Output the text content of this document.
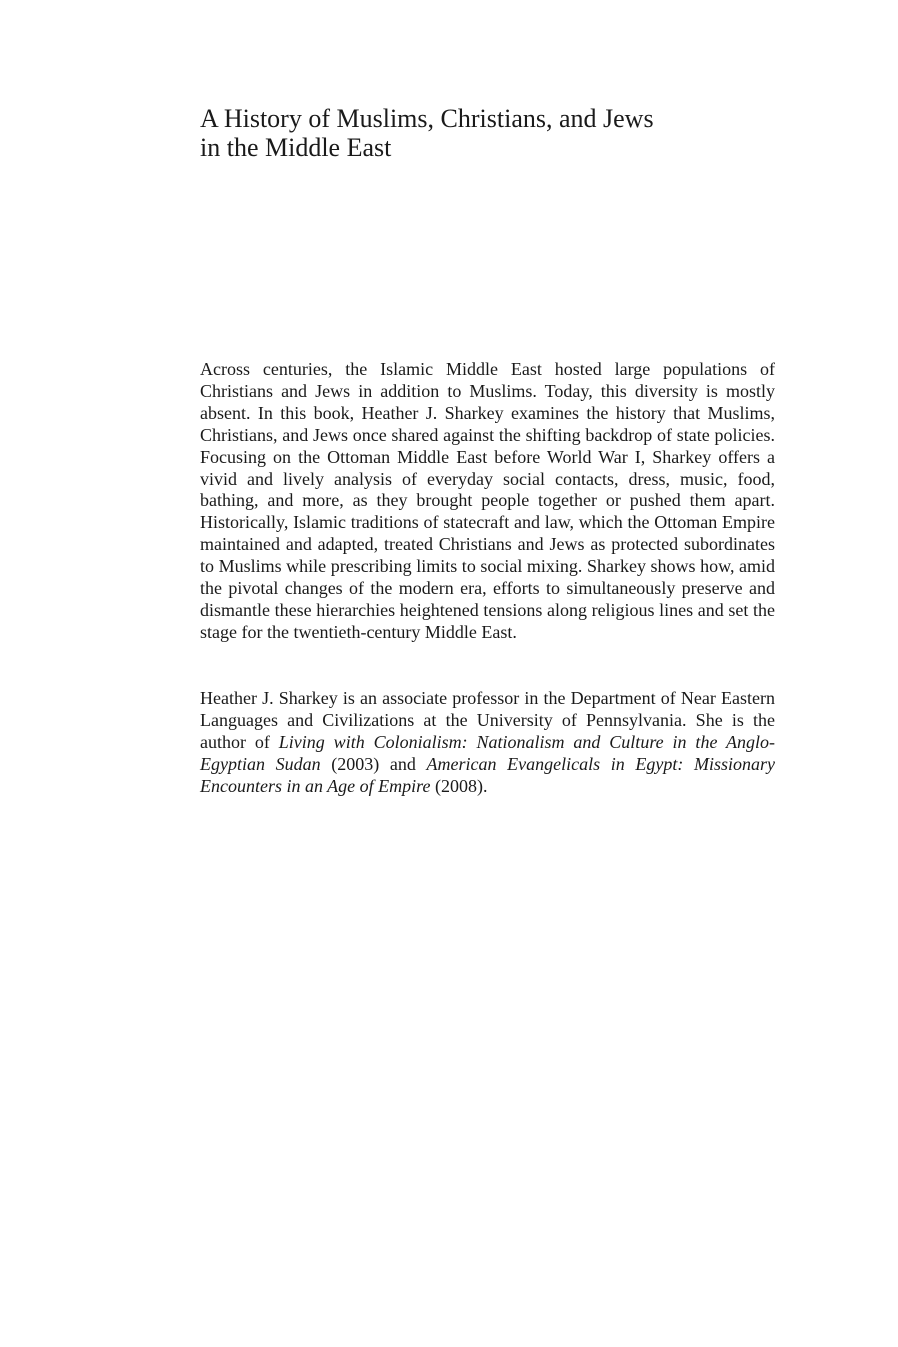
A History of Muslims, Christians, and Jews
in the Middle East

Across centuries, the Islamic Middle East hosted large populations of Christians and Jews in addition to Muslims. Today, this diversity is mostly absent. In this book, Heather J. Sharkey examines the history that Muslims, Christians, and Jews once shared against the shifting backdrop of state policies. Focusing on the Ottoman Middle East before World War I, Sharkey offers a vivid and lively analysis of everyday social contacts, dress, music, food, bathing, and more, as they brought people together or pushed them apart. Historically, Islamic traditions of statecraft and law, which the Ottoman Empire maintained and adapted, treated Christians and Jews as protected subordinates to Muslims while prescribing limits to social mixing. Sharkey shows how, amid the pivotal changes of the modern era, efforts to simultaneously preserve and dismantle these hierarchies heightened tensions along religious lines and set the stage for the twentieth-century Middle East.

Heather J. Sharkey is an associate professor in the Department of Near Eastern Languages and Civilizations at the University of Pennsylvania. She is the author of Living with Colonialism: Nationalism and Culture in the Anglo-Egyptian Sudan (2003) and American Evangelicals in Egypt: Missionary Encounters in an Age of Empire (2008).
